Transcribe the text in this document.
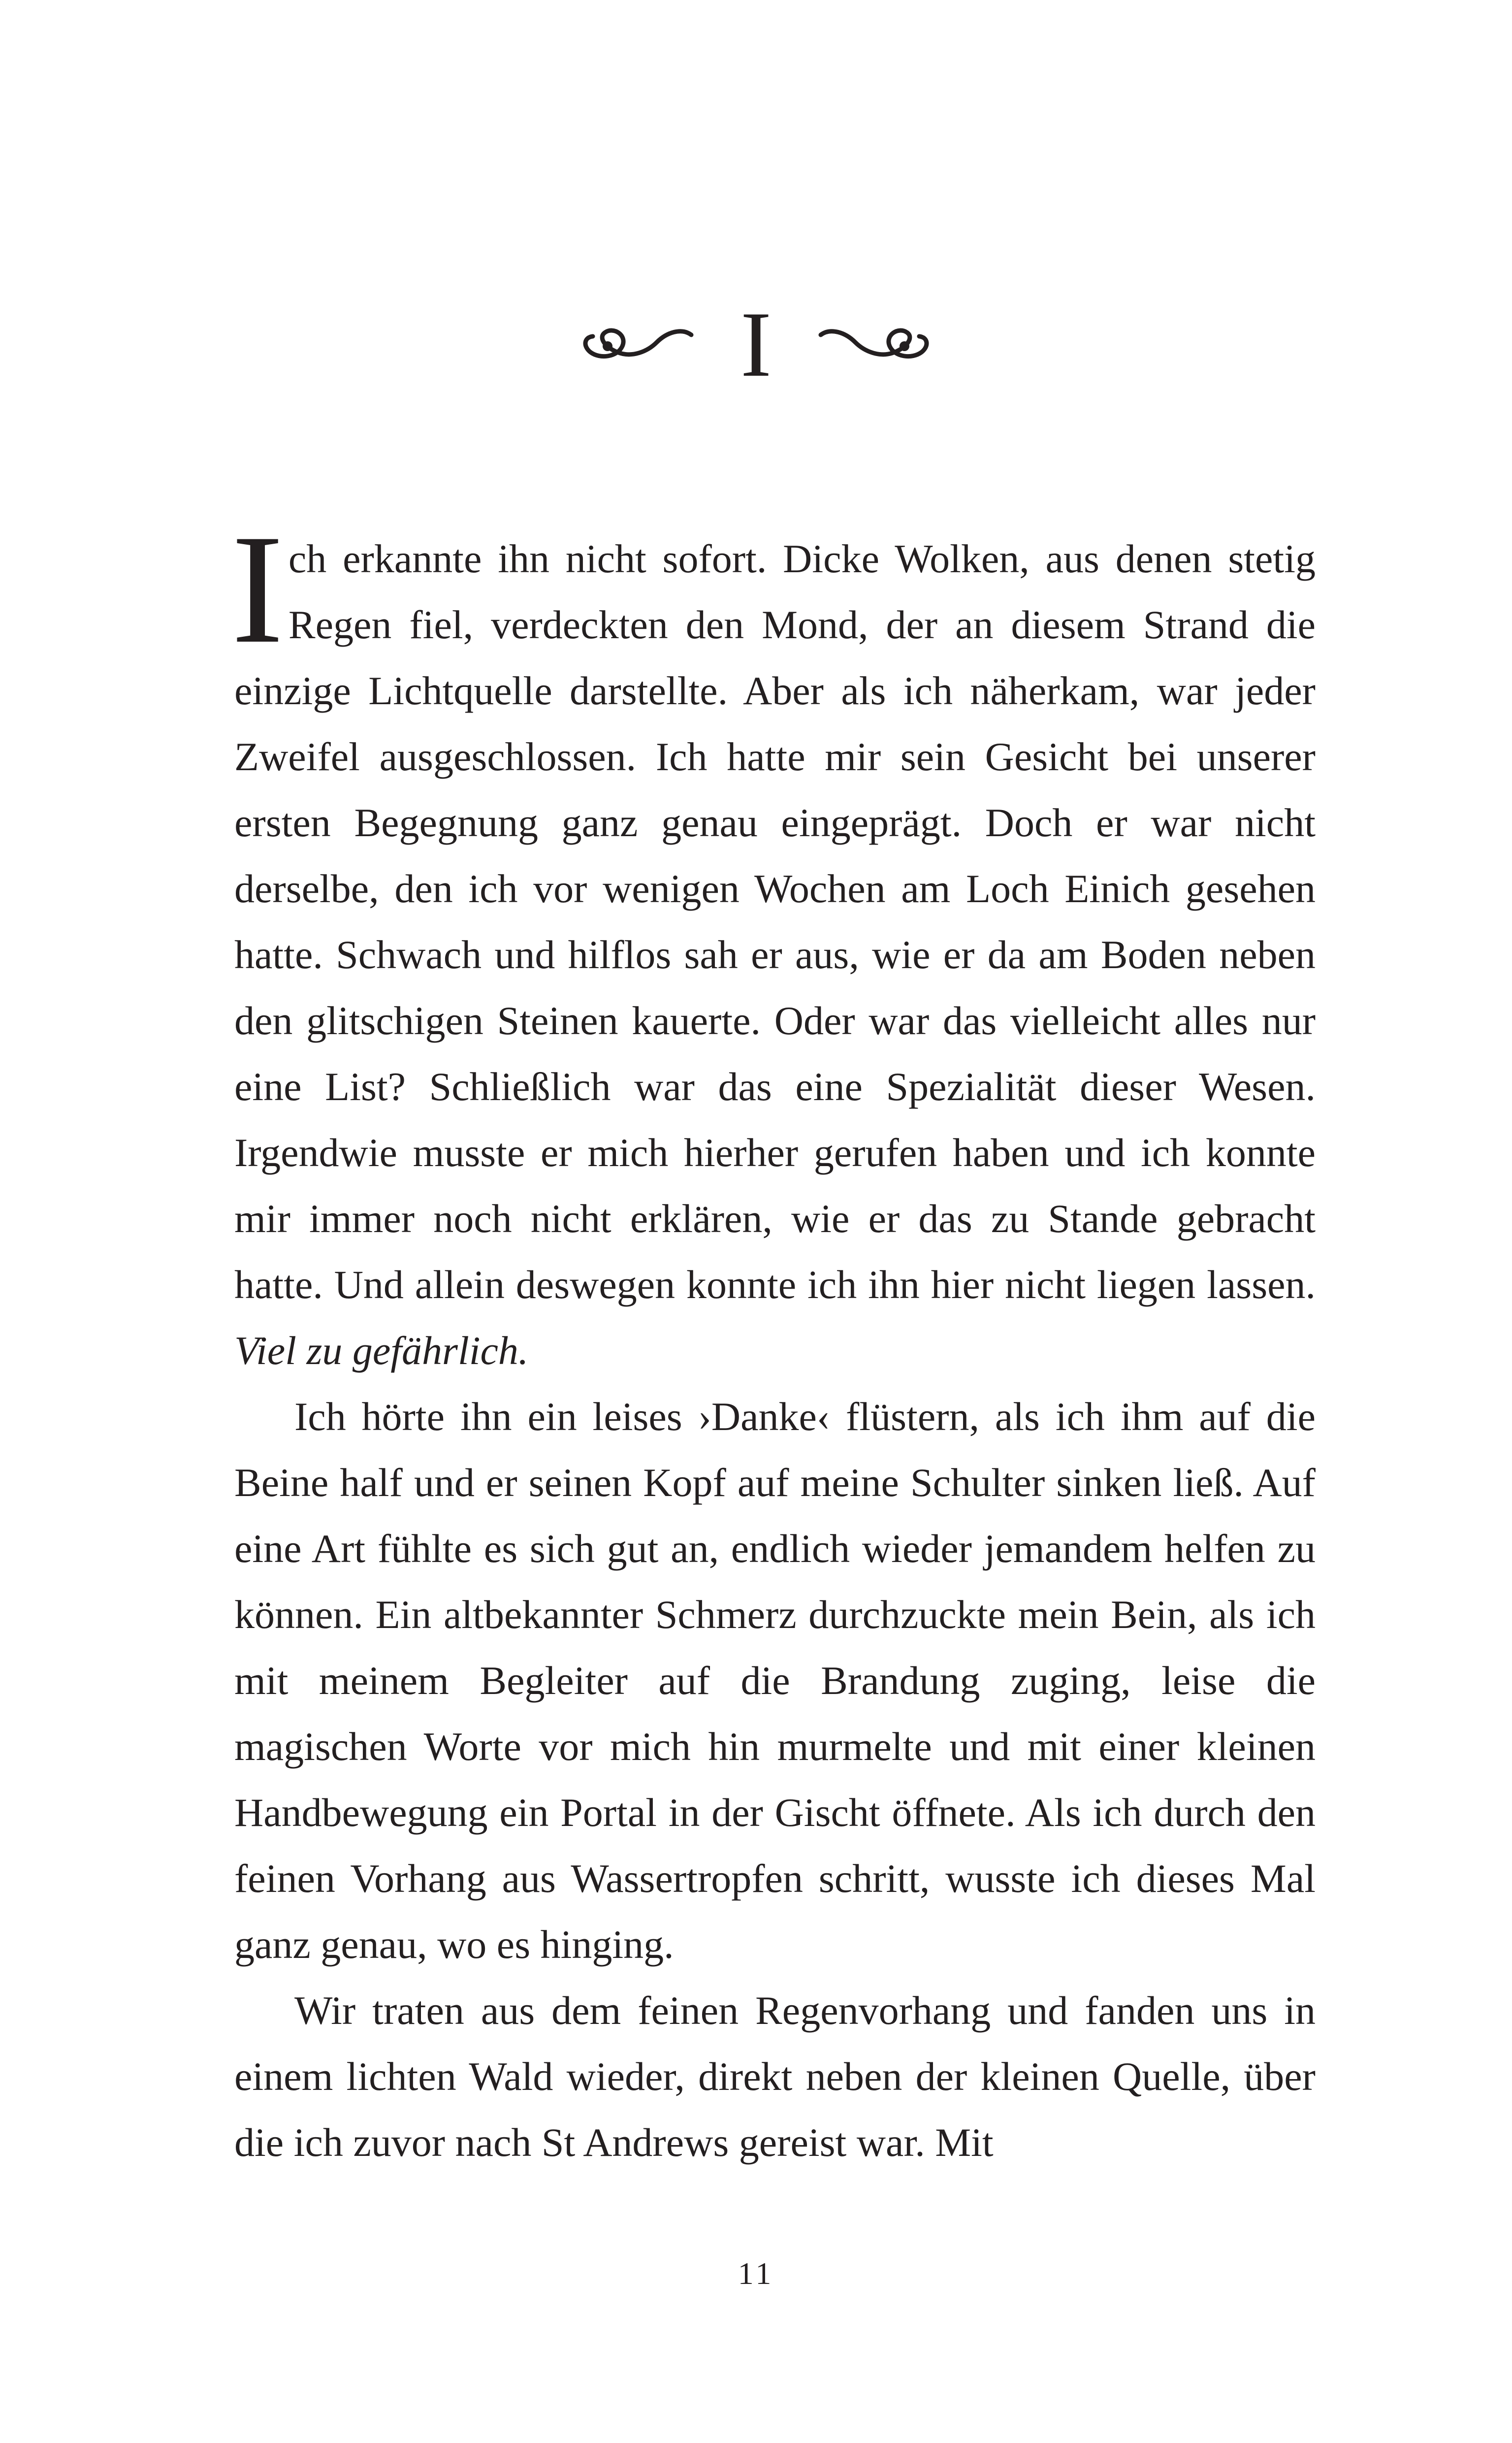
I

Ich erkannte ihn nicht sofort. Dicke Wolken, aus denen stetig Regen fiel, verdeckten den Mond, der an diesem Strand die einzige Lichtquelle darstellte. Aber als ich näherkam, war jeder Zweifel ausgeschlossen. Ich hatte mir sein Gesicht bei unserer ersten Begegnung ganz genau eingeprägt. Doch er war nicht derselbe, den ich vor wenigen Wochen am Loch Einich gesehen hatte. Schwach und hilflos sah er aus, wie er da am Boden neben den glitschigen Steinen kauerte. Oder war das vielleicht alles nur eine List? Schließlich war das eine Spezialität dieser Wesen. Irgendwie musste er mich hierher gerufen haben und ich konnte mir immer noch nicht erklären, wie er das zu Stande gebracht hatte. Und allein deswegen konnte ich ihn hier nicht liegen lassen. Viel zu gefährlich.

Ich hörte ihn ein leises ›Danke‹ flüstern, als ich ihm auf die Beine half und er seinen Kopf auf meine Schulter sinken ließ. Auf eine Art fühlte es sich gut an, endlich wieder jemandem helfen zu können. Ein altbekannter Schmerz durchzuckte mein Bein, als ich mit meinem Begleiter auf die Brandung zuging, leise die magischen Worte vor mich hin murmelte und mit einer kleinen Handbewegung ein Portal in der Gischt öffnete. Als ich durch den feinen Vorhang aus Wassertropfen schritt, wusste ich dieses Mal ganz genau, wo es hinging.

Wir traten aus dem feinen Regenvorhang und fanden uns in einem lichten Wald wieder, direkt neben der kleinen Quelle, über die ich zuvor nach St Andrews gereist war. Mit

11
